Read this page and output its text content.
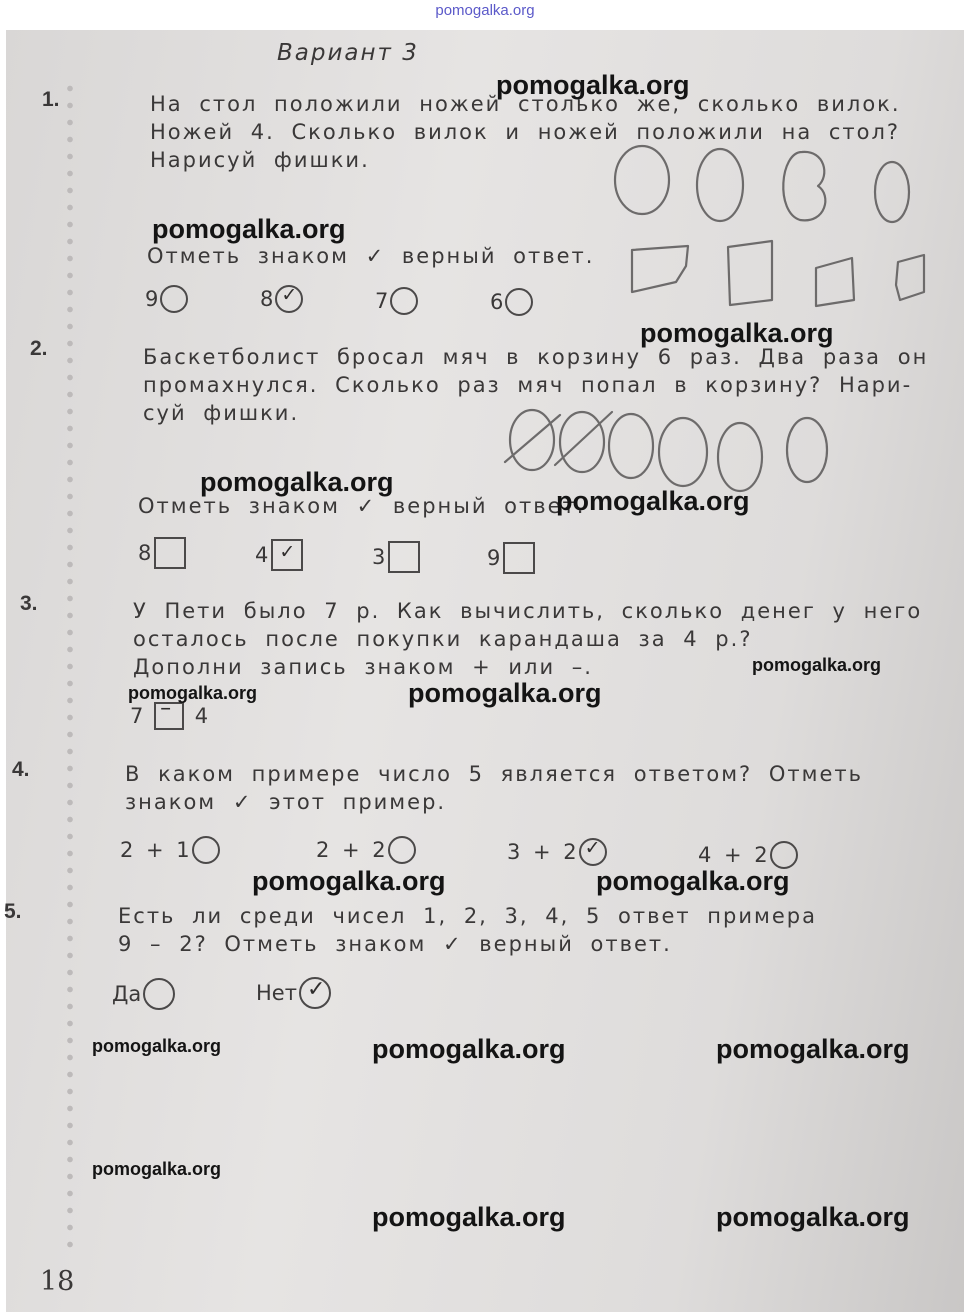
pomogalka.org
Вариант 3
1.	На стол положили ножей столько же, сколько вилок.
Ножей 4. Сколько вилок и ножей положили на стол?
Нарисуй фишки.
Отметь знаком ✓ верный ответ.
9	8 ✓	7	6
2.	Баскетболист бросал мяч в корзину 6 раз. Два раза он
промахнулся. Сколько раз мяч попал в корзину? Нари-
суй фишки.
Отметь знаком ✓ верный ответ.
8	4 ✓	3	9
3.	У Пети было 7 р. Как вычислить, сколько денег у него
осталось после покупки карандаша за 4 р.?
Дополни запись знаком + или –.
7 – 4
4.	В каком примере число 5 является ответом? Отметь
знаком ✓ этот пример.
2 + 1	2 + 2	3 + 2 ✓	4 + 2
5.	Есть ли среди чисел 1, 2, 3, 4, 5 ответ примера
9 – 2? Отметь знаком ✓ верный ответ.
Да	Нет ✓
pomogalka.org
pomogalka.org
pomogalka.org
pomogalka.org
pomogalka.org
pomogalka.org
pomogalka.org	pomogalka.org
pomogalka.org	pomogalka.org
pomogalka.org	pomogalka.org	pomogalka.org
pomogalka.org
pomogalka.org	pomogalka.org
18
